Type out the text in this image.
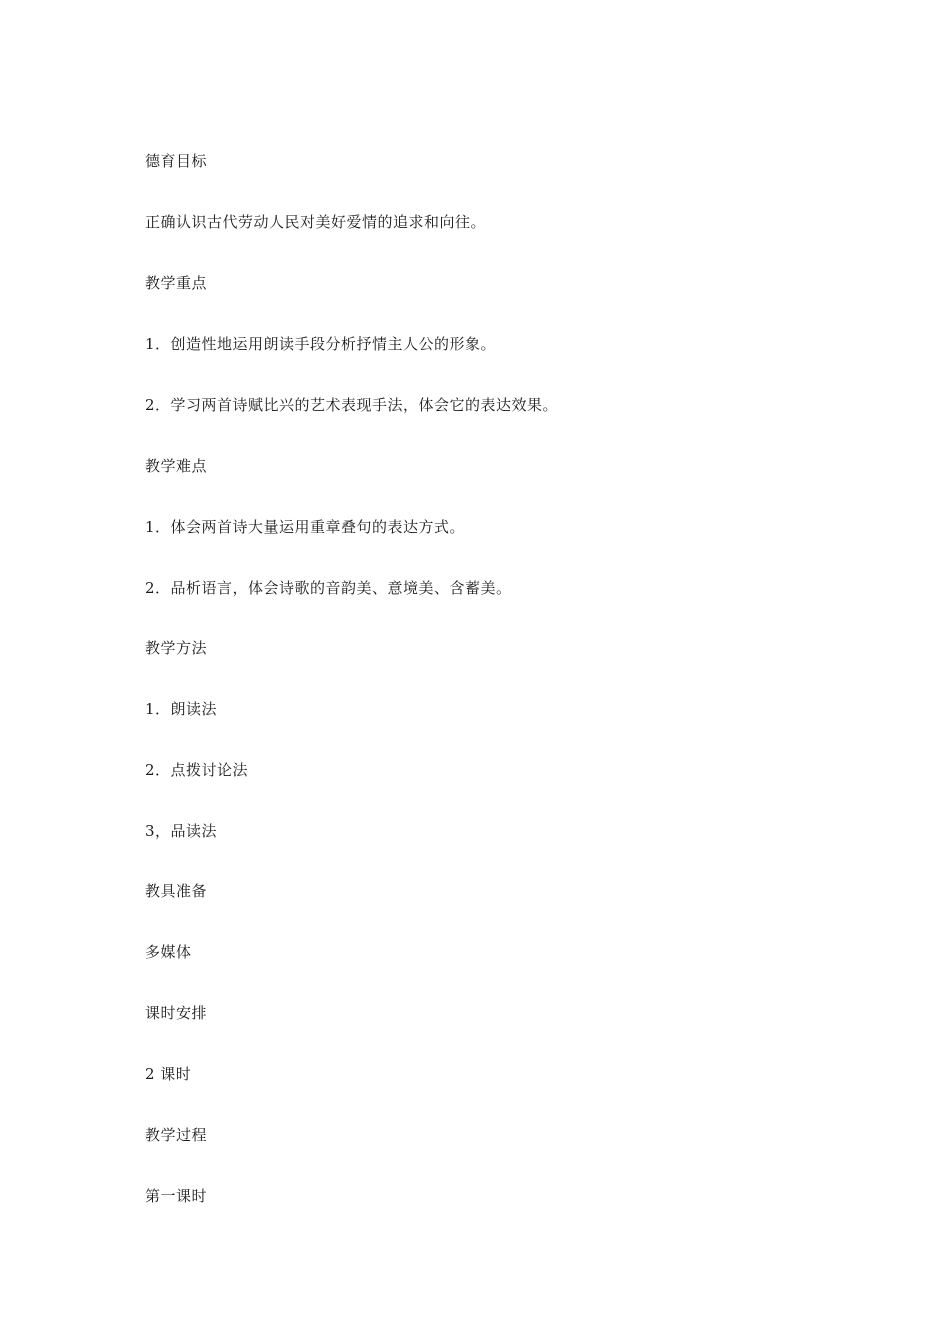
德育目标
正确认识古代劳动人民对美好爱情的追求和向往。
教学重点
1．创造性地运用朗读手段分析抒情主人公的形象。
2．学习两首诗赋比兴的艺术表现手法，体会它的表达效果。
教学难点
1．体会两首诗大量运用重章叠句的表达方式。
2．品析语言，体会诗歌的音韵美、意境美、含蓄美。
教学方法
1．朗读法
2．点拨讨论法
3，品读法
教具准备
多媒体
课时安排
2 课时
教学过程
第一课时
